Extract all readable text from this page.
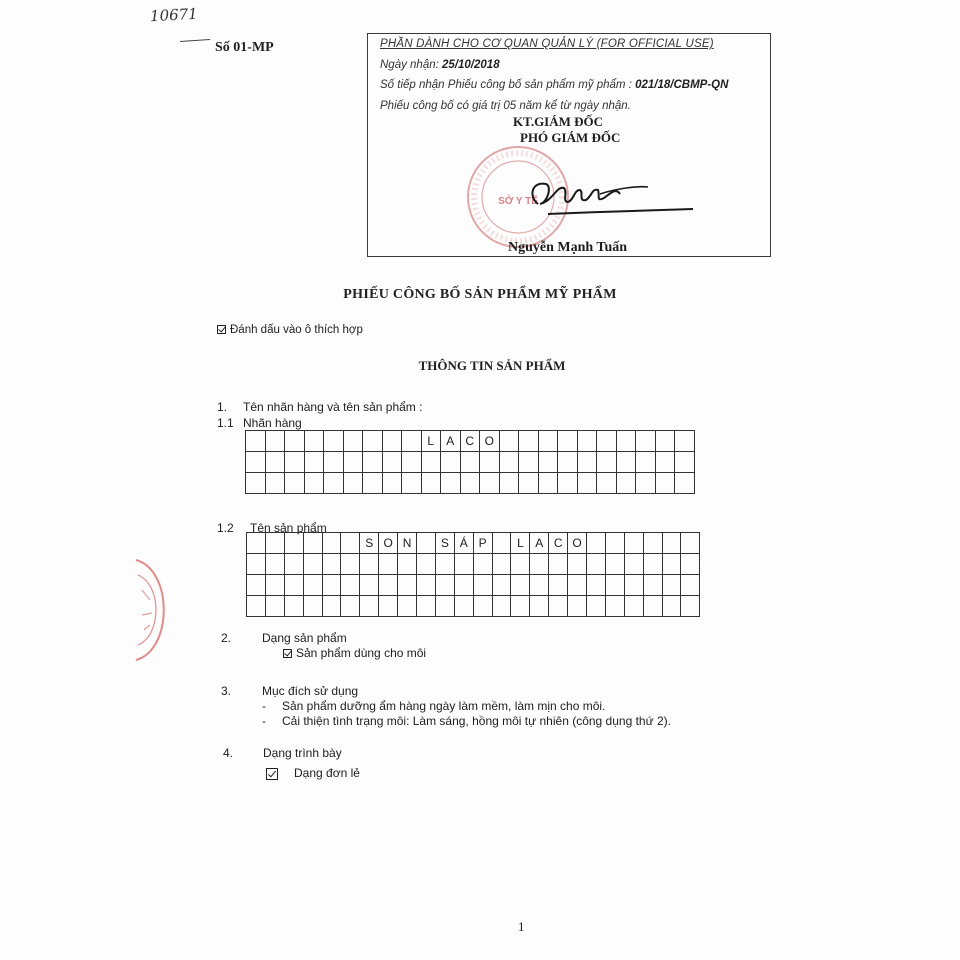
10671
Số 01-MP	PHẦN DÀNH CHO CƠ QUAN QUẢN LÝ (FOR OFFICIAL USE)
Ngày nhận: 25/10/2018
Số tiếp nhận Phiếu công bố sản phẩm mỹ phẩm : 021/18/CBMP-QN
Phiếu công bố có giá trị 05 năm kể từ ngày nhận.
KT.GIÁM ĐỐC
PHÓ GIÁM ĐỐC
SỞ Y TẾ
Nguyễn Mạnh Tuấn
PHIẾU CÔNG BỐ SẢN PHẨM MỸ PHẨM
Đánh dấu vào ô thích hợp
THÔNG TIN SẢN PHẨM
1. Tên nhãn hàng và tên sản phẩm :
1.1 Nhãn hàng
									L	A	C	O										

1.2 Tên sản phẩm
						S	O	N		S	Á	P		L	A	C	O						

2.	Dạng sản phẩm
Sản phẩm dùng cho môi
3.	Mục đích sử dụng
- Sản phẩm dưỡng ẩm hàng ngày làm mềm, làm mịn cho môi.
- Cải thiện tình trạng môi: Làm sáng, hồng môi tự nhiên (công dụng thứ 2).
4. Dạng trình bày
Dạng đơn lẻ
1
